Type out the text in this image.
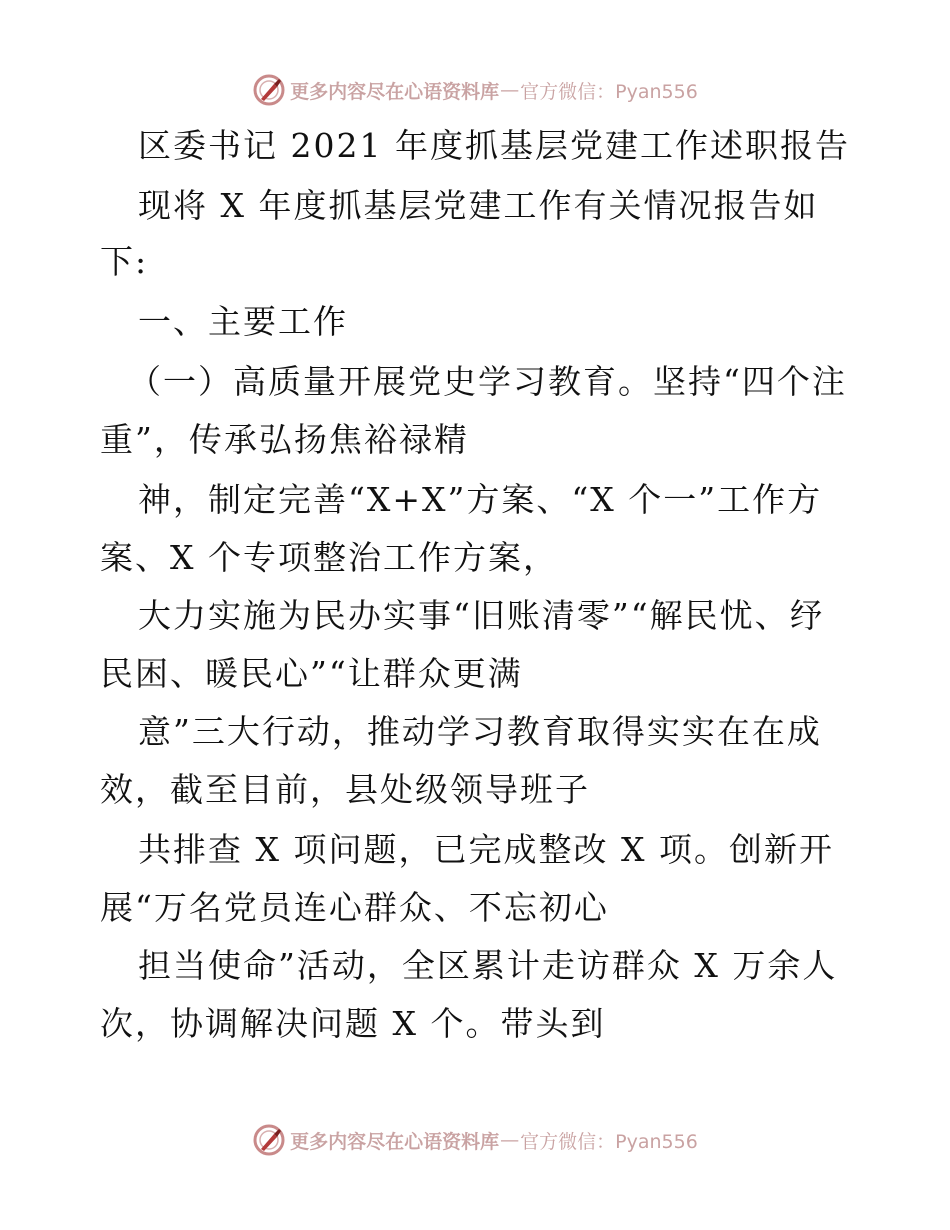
更多内容尽在心语资料库 — 官方微信：Pyan556
区委书记 2021 年度抓基层党建工作述职报告
现将 X 年度抓基层党建工作有关情况报告如
下:
一、主要工作
（一）高质量开展党史学习教育。坚持“四个注
重”，传承弘扬焦裕禄精
神，制定完善“X+X”方案、“X 个一”工作方
案、X 个专项整治工作方案，
大力实施为民办实事“旧账清零”“解民忧、纾
民困、暖民心”“让群众更满
意”三大行动，推动学习教育取得实实在在成
效，截至目前，县处级领导班子
共排查 X 项问题，已完成整改 X 项。创新开
展“万名党员连心群众、不忘初心
担当使命”活动，全区累计走访群众 X 万余人
次，协调解决问题 X 个。带头到
更多内容尽在心语资料库 — 官方微信：Pyan556
